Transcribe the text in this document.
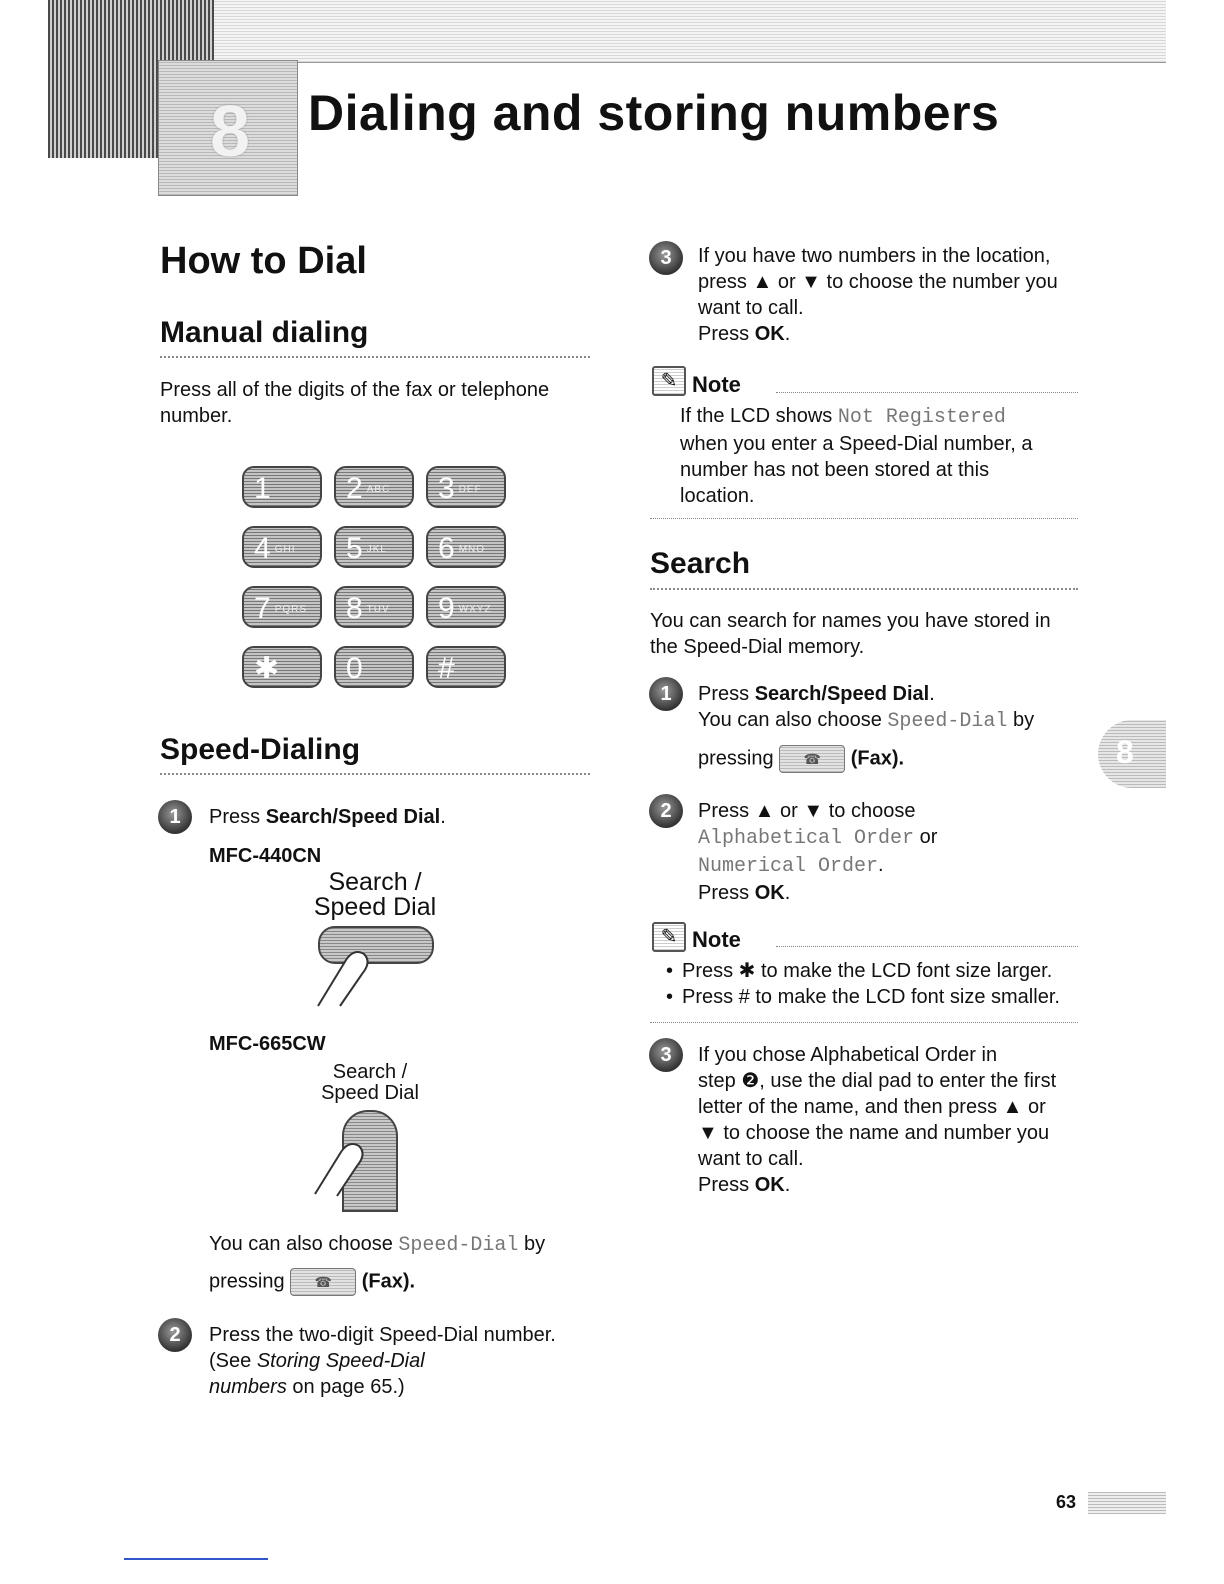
8 Dialing and storing numbers
8
How to Dial
Manual dialing
Press all of the digits of the fax or telephone
number.
1	2 ABC	3 DEF
4 GHI	5 JKL	6 MNO
7 PQRS	8 TUV	9 WXYZ
✱	0	#
Speed-Dialing
1	Press Search/Speed Dial.
MFC-440CN
Search /
Speed Dial
MFC-665CW
Search /
Speed Dial
You can also choose Speed-Dial by
pressing ☎ (Fax).
2	Press the two-digit Speed-Dial number.
(See Storing Speed-Dial
numbers on page 65.)
3	If you have two numbers in the location,
press ▲ or ▼ to choose the number you
want to call.
Press OK.
✎ Note
If the LCD shows Not Registered
when you enter a Speed-Dial number, a
number has not been stored at this
location.
Search
You can search for names you have stored in
the Speed-Dial memory.
1	Press Search/Speed Dial.
You can also choose Speed-Dial by
pressing ☎ (Fax).
2	Press ▲ or ▼ to choose
Alphabetical Order or
Numerical Order.
Press OK.
✎ Note
• Press ✱ to make the LCD font size larger.
• Press # to make the LCD font size smaller.
3	If you chose Alphabetical Order in
step ❷, use the dial pad to enter the first
letter of the name, and then press ▲ or
▼ to choose the name and number you
want to call.
Press OK.
63
